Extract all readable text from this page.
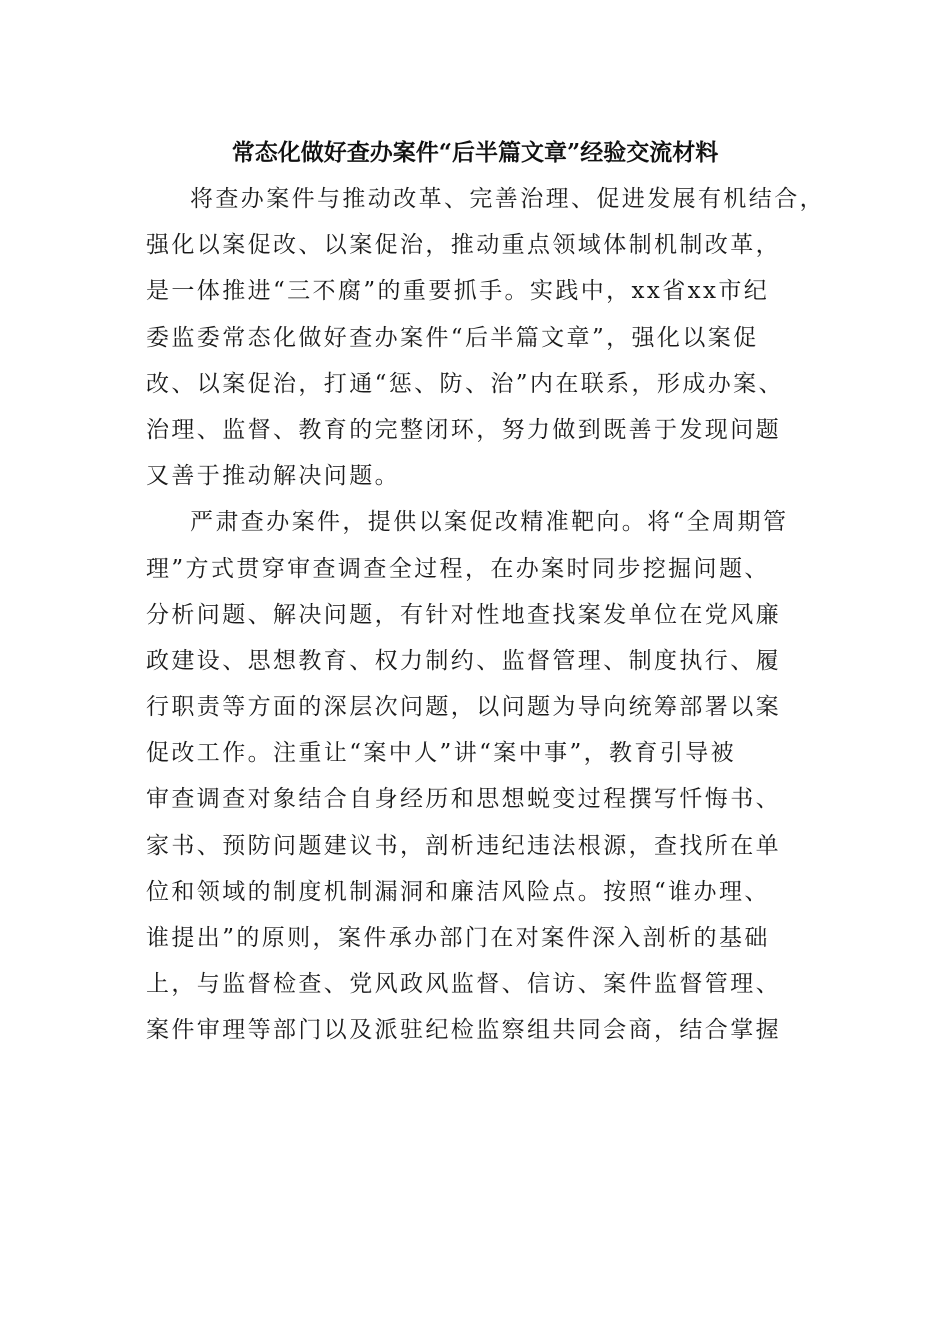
常态化做好查办案件“后半篇文章”经验交流材料
将查办案件与推动改革、完善治理、促进发展有机结合，
强化以案促改、以案促治，推动重点领域体制机制改革，
是一体推进“三不腐”的重要抓手。实践中，xx省xx市纪
委监委常态化做好查办案件“后半篇文章”，强化以案促
改、以案促治，打通“惩、防、治”内在联系，形成办案、
治理、监督、教育的完整闭环，努力做到既善于发现问题
又善于推动解决问题。
严肃查办案件，提供以案促改精准靶向。将“全周期管
理”方式贯穿审查调查全过程，在办案时同步挖掘问题、
分析问题、解决问题，有针对性地查找案发单位在党风廉
政建设、思想教育、权力制约、监督管理、制度执行、履
行职责等方面的深层次问题，以问题为导向统筹部署以案
促改工作。注重让“案中人”讲“案中事”，教育引导被
审查调查对象结合自身经历和思想蜕变过程撰写忏悔书、
家书、预防问题建议书，剖析违纪违法根源，查找所在单
位和领域的制度机制漏洞和廉洁风险点。按照“谁办理、
谁提出”的原则，案件承办部门在对案件深入剖析的基础
上，与监督检查、党风政风监督、信访、案件监督管理、
案件审理等部门以及派驻纪检监察组共同会商，结合掌握
